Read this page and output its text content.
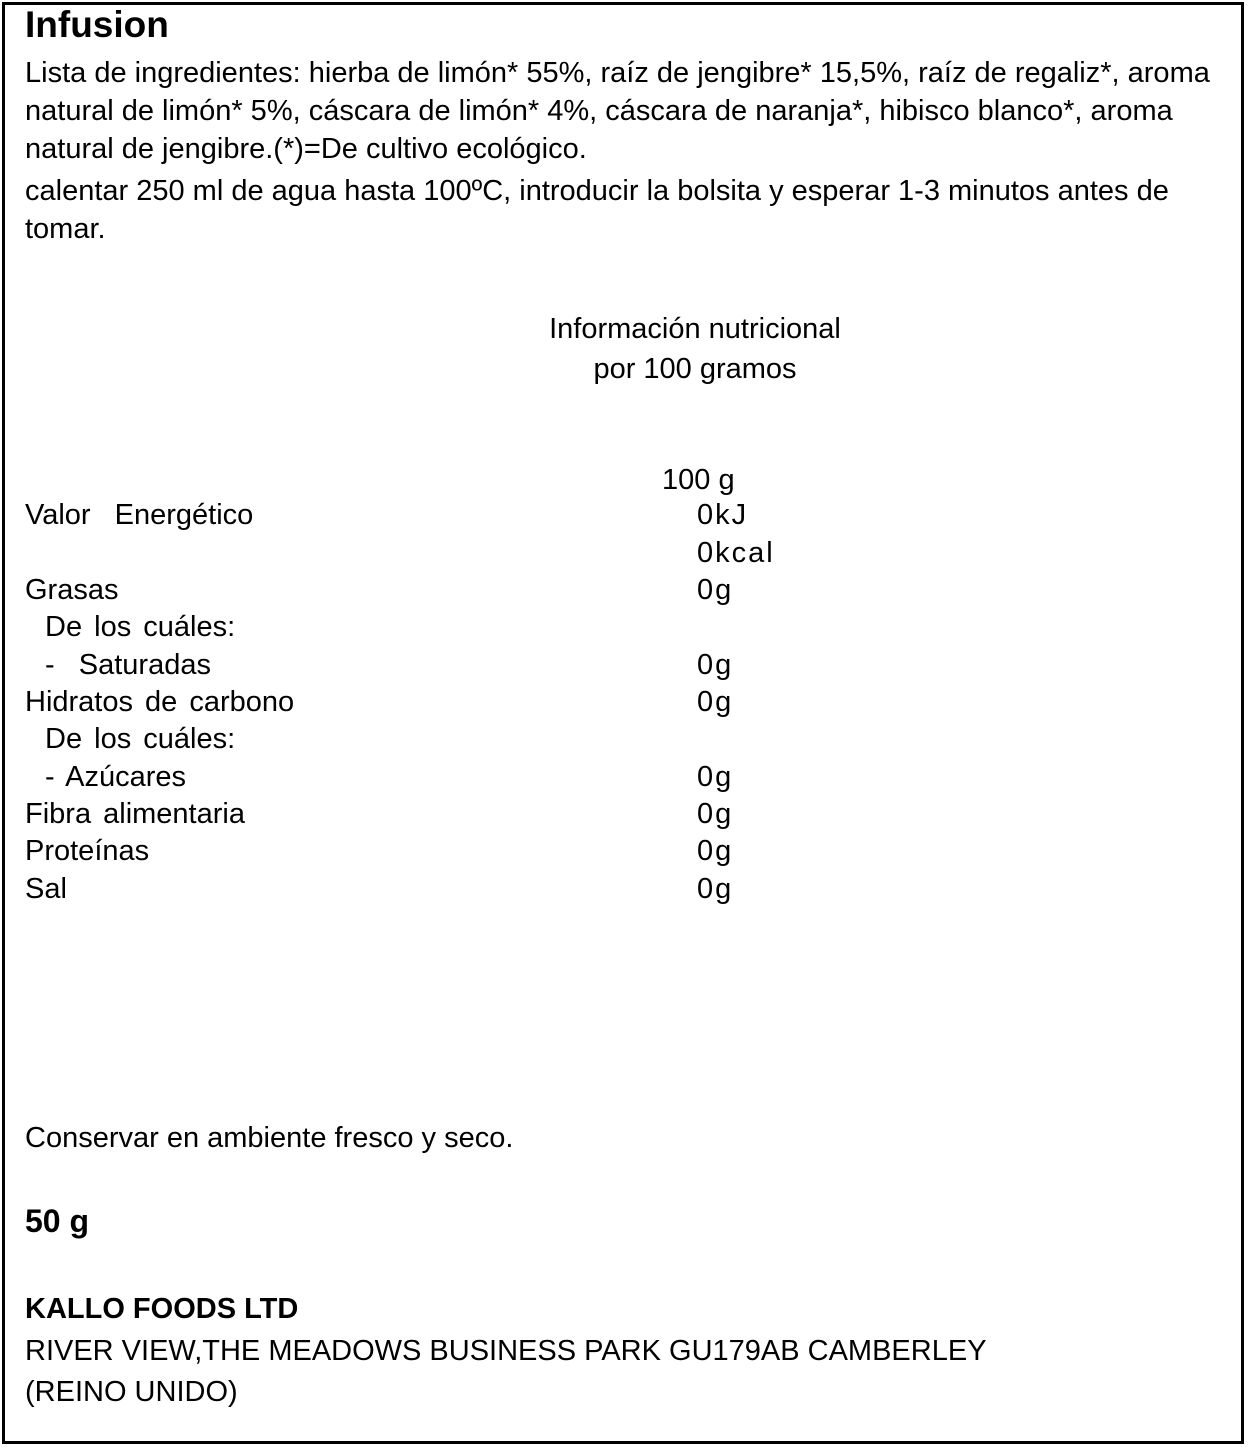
Infusion
Lista de ingredientes: hierba de limón* 55%, raíz de jengibre* 15,5%, raíz de regaliz*, aroma natural de limón* 5%, cáscara de limón* 4%, cáscara de naranja*, hibisco blanco*, aroma natural de jengibre.(*)=De cultivo ecológico.
calentar 250 ml de agua hasta 100ºC, introducir la bolsita y esperar 1-3 minutos antes de tomar.
Información nutricional
por 100 gramos
100 g
Valor  Energético	0kJ
0kcal
Grasas	0g
De los cuáles:
-  Saturadas	0g
Hidratos de carbono	0g
De los cuáles:
- Azúcares	0g
Fibra alimentaria	0g
Proteínas	0g
Sal	0g
Conservar en ambiente fresco y seco.
50 g
KALLO FOODS LTD
RIVER VIEW,THE MEADOWS BUSINESS PARK GU179AB CAMBERLEY
(REINO UNIDO)
